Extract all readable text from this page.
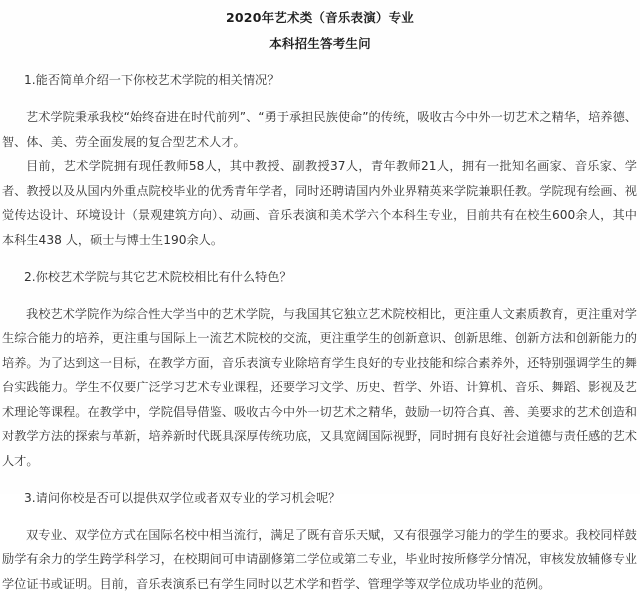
2020年艺术类（音乐表演）专业
本科招生答考生问

1.能否简单介绍一下你校艺术学院的相关情况？

艺术学院秉承我校“始终奋进在时代前列”、“勇于承担民族使命”的传统，吸收古今中外一切艺术之精华，培养德、智、体、美、劳全面发展的复合型艺术人才。

目前，艺术学院拥有现任教师58人，其中教授、副教授37人，青年教师21人，拥有一批知名画家、音乐家、学者、教授以及从国内外重点院校毕业的优秀青年学者，同时还聘请国内外业界精英来学院兼职任教。学院现有绘画、视觉传达设计、环境设计（景观建筑方向）、动画、音乐表演和美术学六个本科生专业，目前共有在校生600余人，其中本科生438 人，硕士与博士生190余人。

2.你校艺术学院与其它艺术院校相比有什么特色？

我校艺术学院作为综合性大学当中的艺术学院，与我国其它独立艺术院校相比，更注重人文素质教育，更注重对学生综合能力的培养，更注重与国际上一流艺术院校的交流，更注重学生的创新意识、创新思维、创新方法和创新能力的培养。为了达到这一目标，在教学方面，音乐表演专业除培育学生良好的专业技能和综合素养外，还特别强调学生的舞台实践能力。学生不仅要广泛学习艺术专业课程，还要学习文学、历史、哲学、外语、计算机、音乐、舞蹈、影视及艺术理论等课程。在教学中，学院倡导借鉴、吸收古今中外一切艺术之精华，鼓励一切符合真、善、美要求的艺术创造和对教学方法的探索与革新，培养新时代既具深厚传统功底，又具宽阔国际视野，同时拥有良好社会道德与责任感的艺术人才。

3.请问你校是否可以提供双学位或者双专业的学习机会呢？

双专业、双学位方式在国际名校中相当流行，满足了既有音乐天赋，又有很强学习能力的学生的要求。我校同样鼓励学有余力的学生跨学科学习，在校期间可申请副修第二学位或第二专业，毕业时按所修学分情况，审核发放辅修专业学位证书或证明。目前，音乐表演系已有学生同时以艺术学和哲学、管理学等双学位成功毕业的范例。
